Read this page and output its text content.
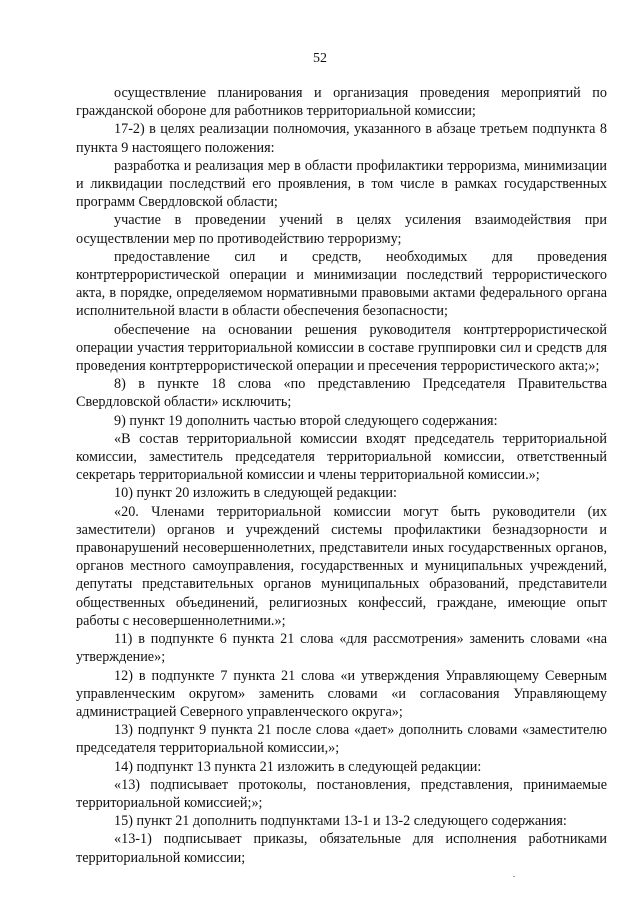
52

осуществление планирования и организация проведения мероприятий по гражданской обороне для работников территориальной комиссии;

17-2) в целях реализации полномочия, указанного в абзаце третьем подпункта 8 пункта 9 настоящего положения:

разработка и реализация мер в области профилактики терроризма, минимизации и ликвидации последствий его проявления, в том числе в рамках государственных программ Свердловской области;

участие в проведении учений в целях усиления взаимодействия при осуществлении мер по противодействию терроризму;

предоставление сил и средств, необходимых для проведения контртеррористической операции и минимизации последствий террористического акта, в порядке, определяемом нормативными правовыми актами федерального органа исполнительной власти в области обеспечения безопасности;

обеспечение на основании решения руководителя контртеррористической операции участия территориальной комиссии в составе группировки сил и средств для проведения контртеррористической операции и пресечения террористического акта;»;

8) в пункте 18 слова «по представлению Председателя Правительства Свердловской области» исключить;

9) пункт 19 дополнить частью второй следующего содержания:

«В состав территориальной комиссии входят председатель территориальной комиссии, заместитель председателя территориальной комиссии, ответственный секретарь территориальной комиссии и члены территориальной комиссии.»;

10) пункт 20 изложить в следующей редакции:

«20. Членами территориальной комиссии могут быть руководители (их заместители) органов и учреждений системы профилактики безнадзорности и правонарушений несовершеннолетних, представители иных государственных органов, органов местного самоуправления, государственных и муниципальных учреждений, депутаты представительных органов муниципальных образований, представители общественных объединений, религиозных конфессий, граждане, имеющие опыт работы с несовершеннолетними.»;

11) в подпункте 6 пункта 21 слова «для рассмотрения» заменить словами «на утверждение»;

12) в подпункте 7 пункта 21 слова «и утверждения Управляющему Северным управленческим округом» заменить словами «и согласования Управляющему администрацией Северного управленческого округа»;

13) подпункт 9 пункта 21 после слова «дает» дополнить словами «заместителю председателя территориальной комиссии,»;

14) подпункт 13 пункта 21 изложить в следующей редакции:

«13) подписывает протоколы, постановления, представления, принимаемые территориальной комиссией;»;

15) пункт 21 дополнить подпунктами 13-1 и 13-2 следующего содержания:

«13-1) подписывает приказы, обязательные для исполнения работниками территориальной комиссии;
